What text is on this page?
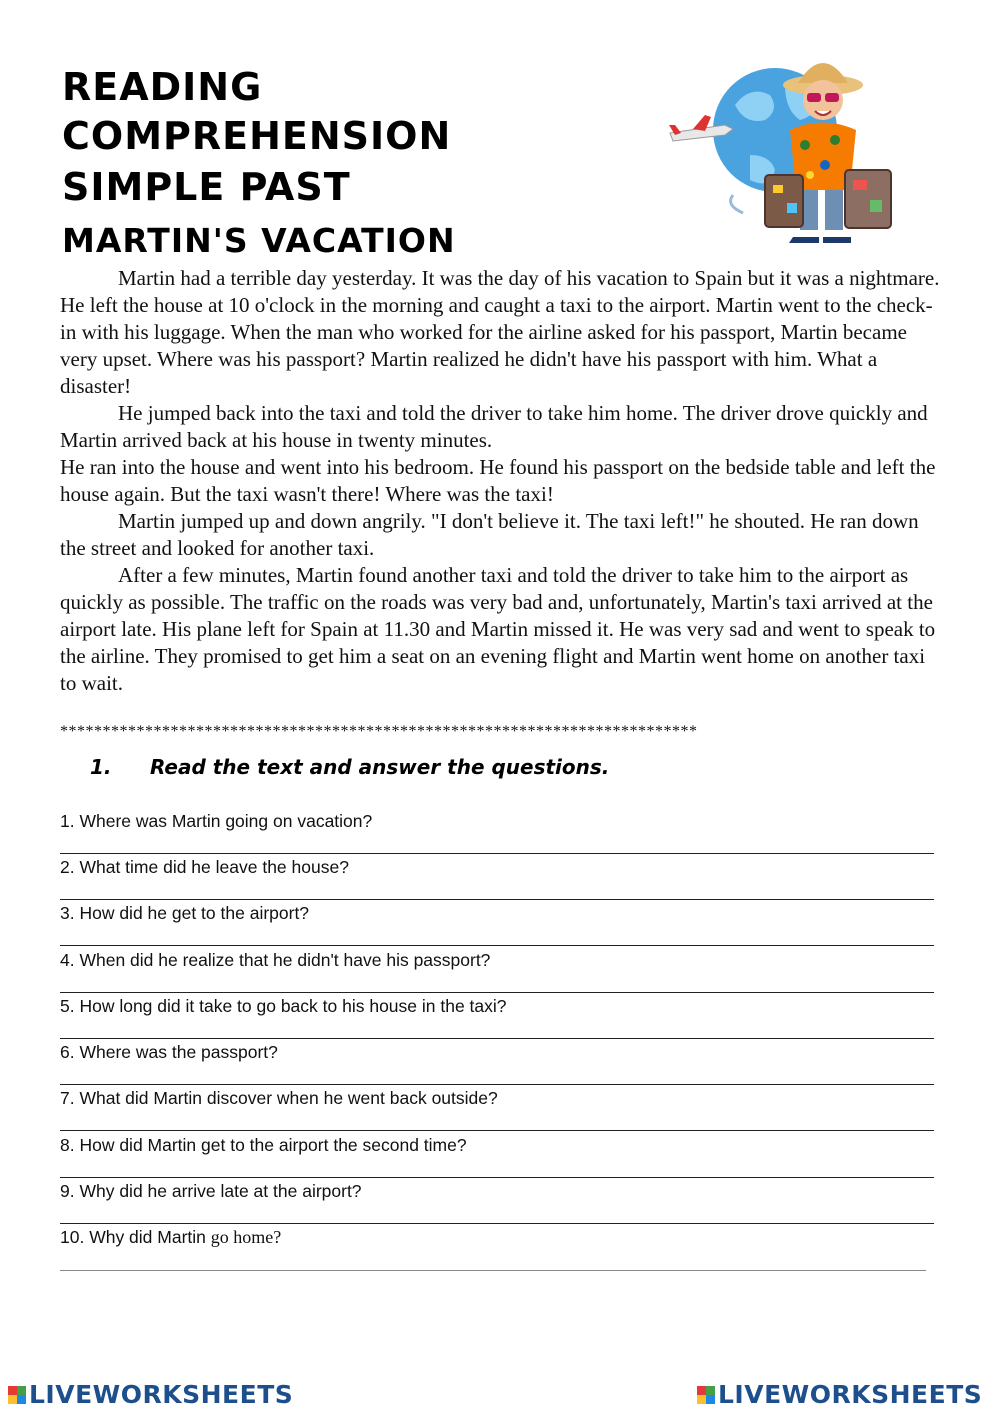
READING
COMPREHENSION
SIMPLE PAST
MARTIN'S VACATION

Martin had a terrible day yesterday. It was the day of his vacation to Spain but it was a nightmare. He left the house at 10 o'clock in the morning and caught a taxi to the airport. Martin went to the check-in with his luggage. When the man who worked for the airline asked for his passport, Martin became very upset. Where was his passport? Martin realized he didn't have his passport with him. What a disaster!

He jumped back into the taxi and told the driver to take him home. The driver drove quickly and Martin arrived back at his house in twenty minutes.

He ran into the house and went into his bedroom. He found his passport on the bedside table and left the house again. But the taxi wasn't there! Where was the taxi!

Martin jumped up and down angrily. "I don't believe it. The taxi left!" he shouted. He ran down the street and looked for another taxi.

After a few minutes, Martin found another taxi and told the driver to take him to the airport as quickly as possible. The traffic on the roads was very bad and, unfortunately, Martin's taxi arrived at the airport late. His plane left for Spain at 11.30 and Martin missed it. He was very sad and went to speak to the airline. They promised to get him a seat on an evening flight and Martin went home on another taxi to wait.

***************************************************************************
1. Read the text and answer the questions.
1. Where was Martin going on vacation?
2. What time did he leave the house?
3. How did he get to the airport?
4. When did he realize that he didn't have his passport?
5. How long did it take to go back to his house in the taxi?
6. Where was the passport?
7. What did Martin discover when he went back outside?
8. How did Martin get to the airport the second time?
9. Why did he arrive late at the airport?
10. Why did Martin go home?
LIVEWORKSHEETS	LIVEWORKSHEETS
